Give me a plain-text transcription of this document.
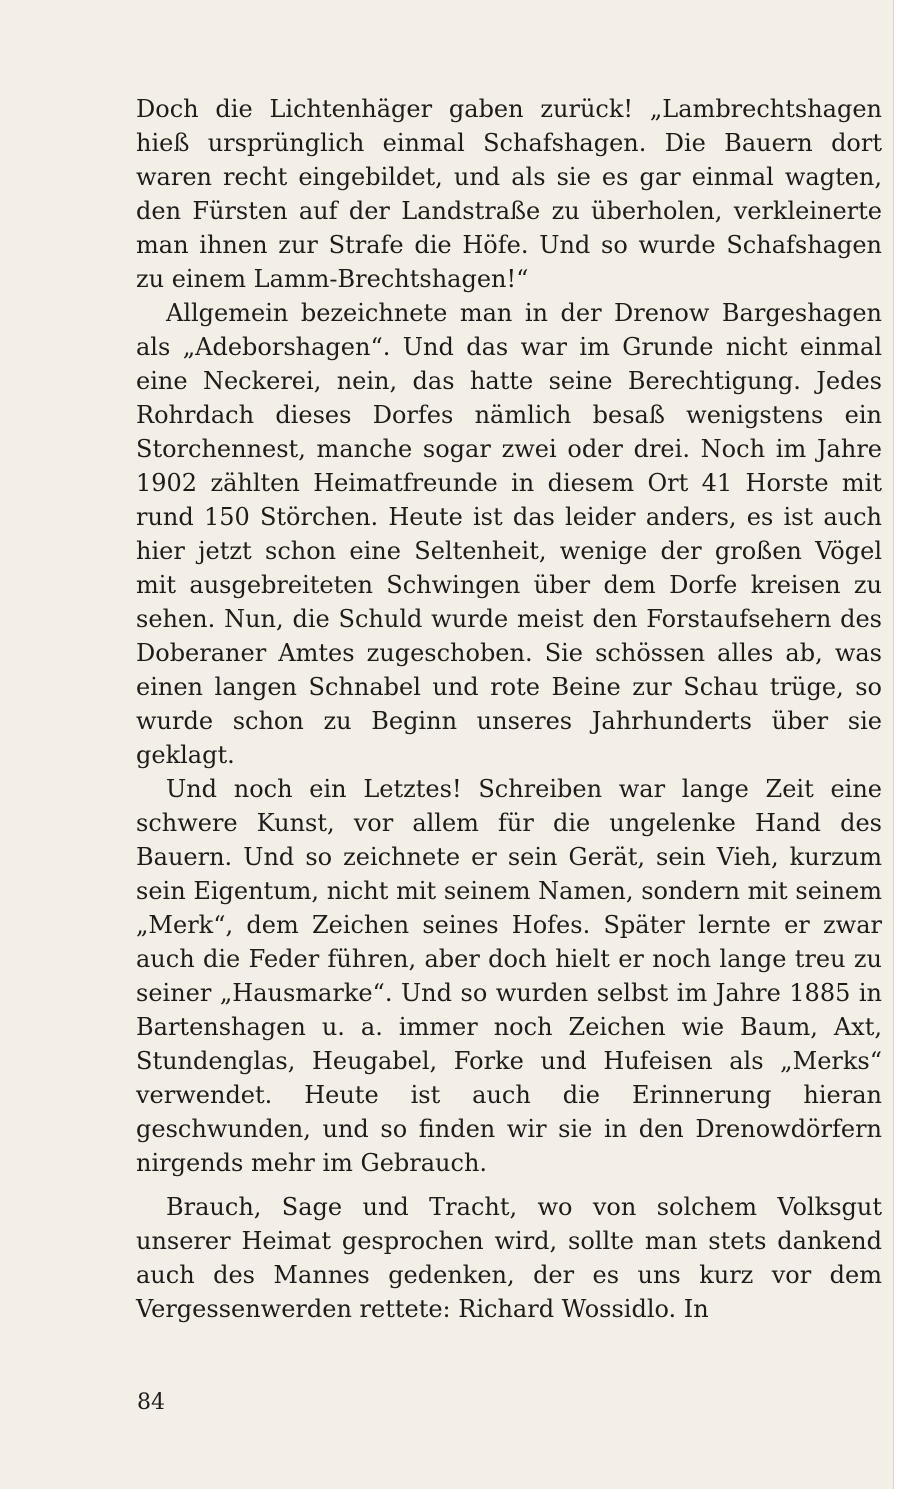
Doch die Lichtenhäger gaben zurück! „Lambrechtshagen hieß ursprünglich einmal Schafshagen. Die Bauern dort waren recht eingebildet, und als sie es gar einmal wagten, den Fürsten auf der Landstraße zu überholen, verkleinerte man ihnen zur Strafe die Höfe. Und so wurde Schafshagen zu einem Lamm-Brechtshagen!“

Allgemein bezeichnete man in der Drenow Bargeshagen als „Adeborshagen“. Und das war im Grunde nicht einmal eine Neckerei, nein, das hatte seine Berechtigung. Jedes Rohrdach dieses Dorfes nämlich besaß wenigstens ein Storchennest, manche sogar zwei oder drei. Noch im Jahre 1902 zählten Heimatfreunde in diesem Ort 41 Horste mit rund 150 Störchen. Heute ist das leider anders, es ist auch hier jetzt schon eine Seltenheit, wenige der großen Vögel mit ausgebreiteten Schwingen über dem Dorfe kreisen zu sehen. Nun, die Schuld wurde meist den Forstaufsehern des Doberaner Amtes zugeschoben. Sie schössen alles ab, was einen langen Schnabel und rote Beine zur Schau trüge, so wurde schon zu Beginn unseres Jahrhunderts über sie geklagt.

Und noch ein Letztes! Schreiben war lange Zeit eine schwere Kunst, vor allem für die ungelenke Hand des Bauern. Und so zeichnete er sein Gerät, sein Vieh, kurzum sein Eigentum, nicht mit seinem Namen, sondern mit seinem „Merk“, dem Zeichen seines Hofes. Später lernte er zwar auch die Feder führen, aber doch hielt er noch lange treu zu seiner „Hausmarke“. Und so wurden selbst im Jahre 1885 in Bartenshagen u. a. immer noch Zeichen wie Baum, Axt, Stundenglas, Heugabel, Forke und Hufeisen als „Merks“ verwendet. Heute ist auch die Erinnerung hieran geschwunden, und so finden wir sie in den Drenowdörfern nirgends mehr im Gebrauch.

Brauch, Sage und Tracht, wo von solchem Volksgut unserer Heimat gesprochen wird, sollte man stets dankend auch des Mannes gedenken, der es uns kurz vor dem Vergessenwerden rettete: Richard Wossidlo. In

84
